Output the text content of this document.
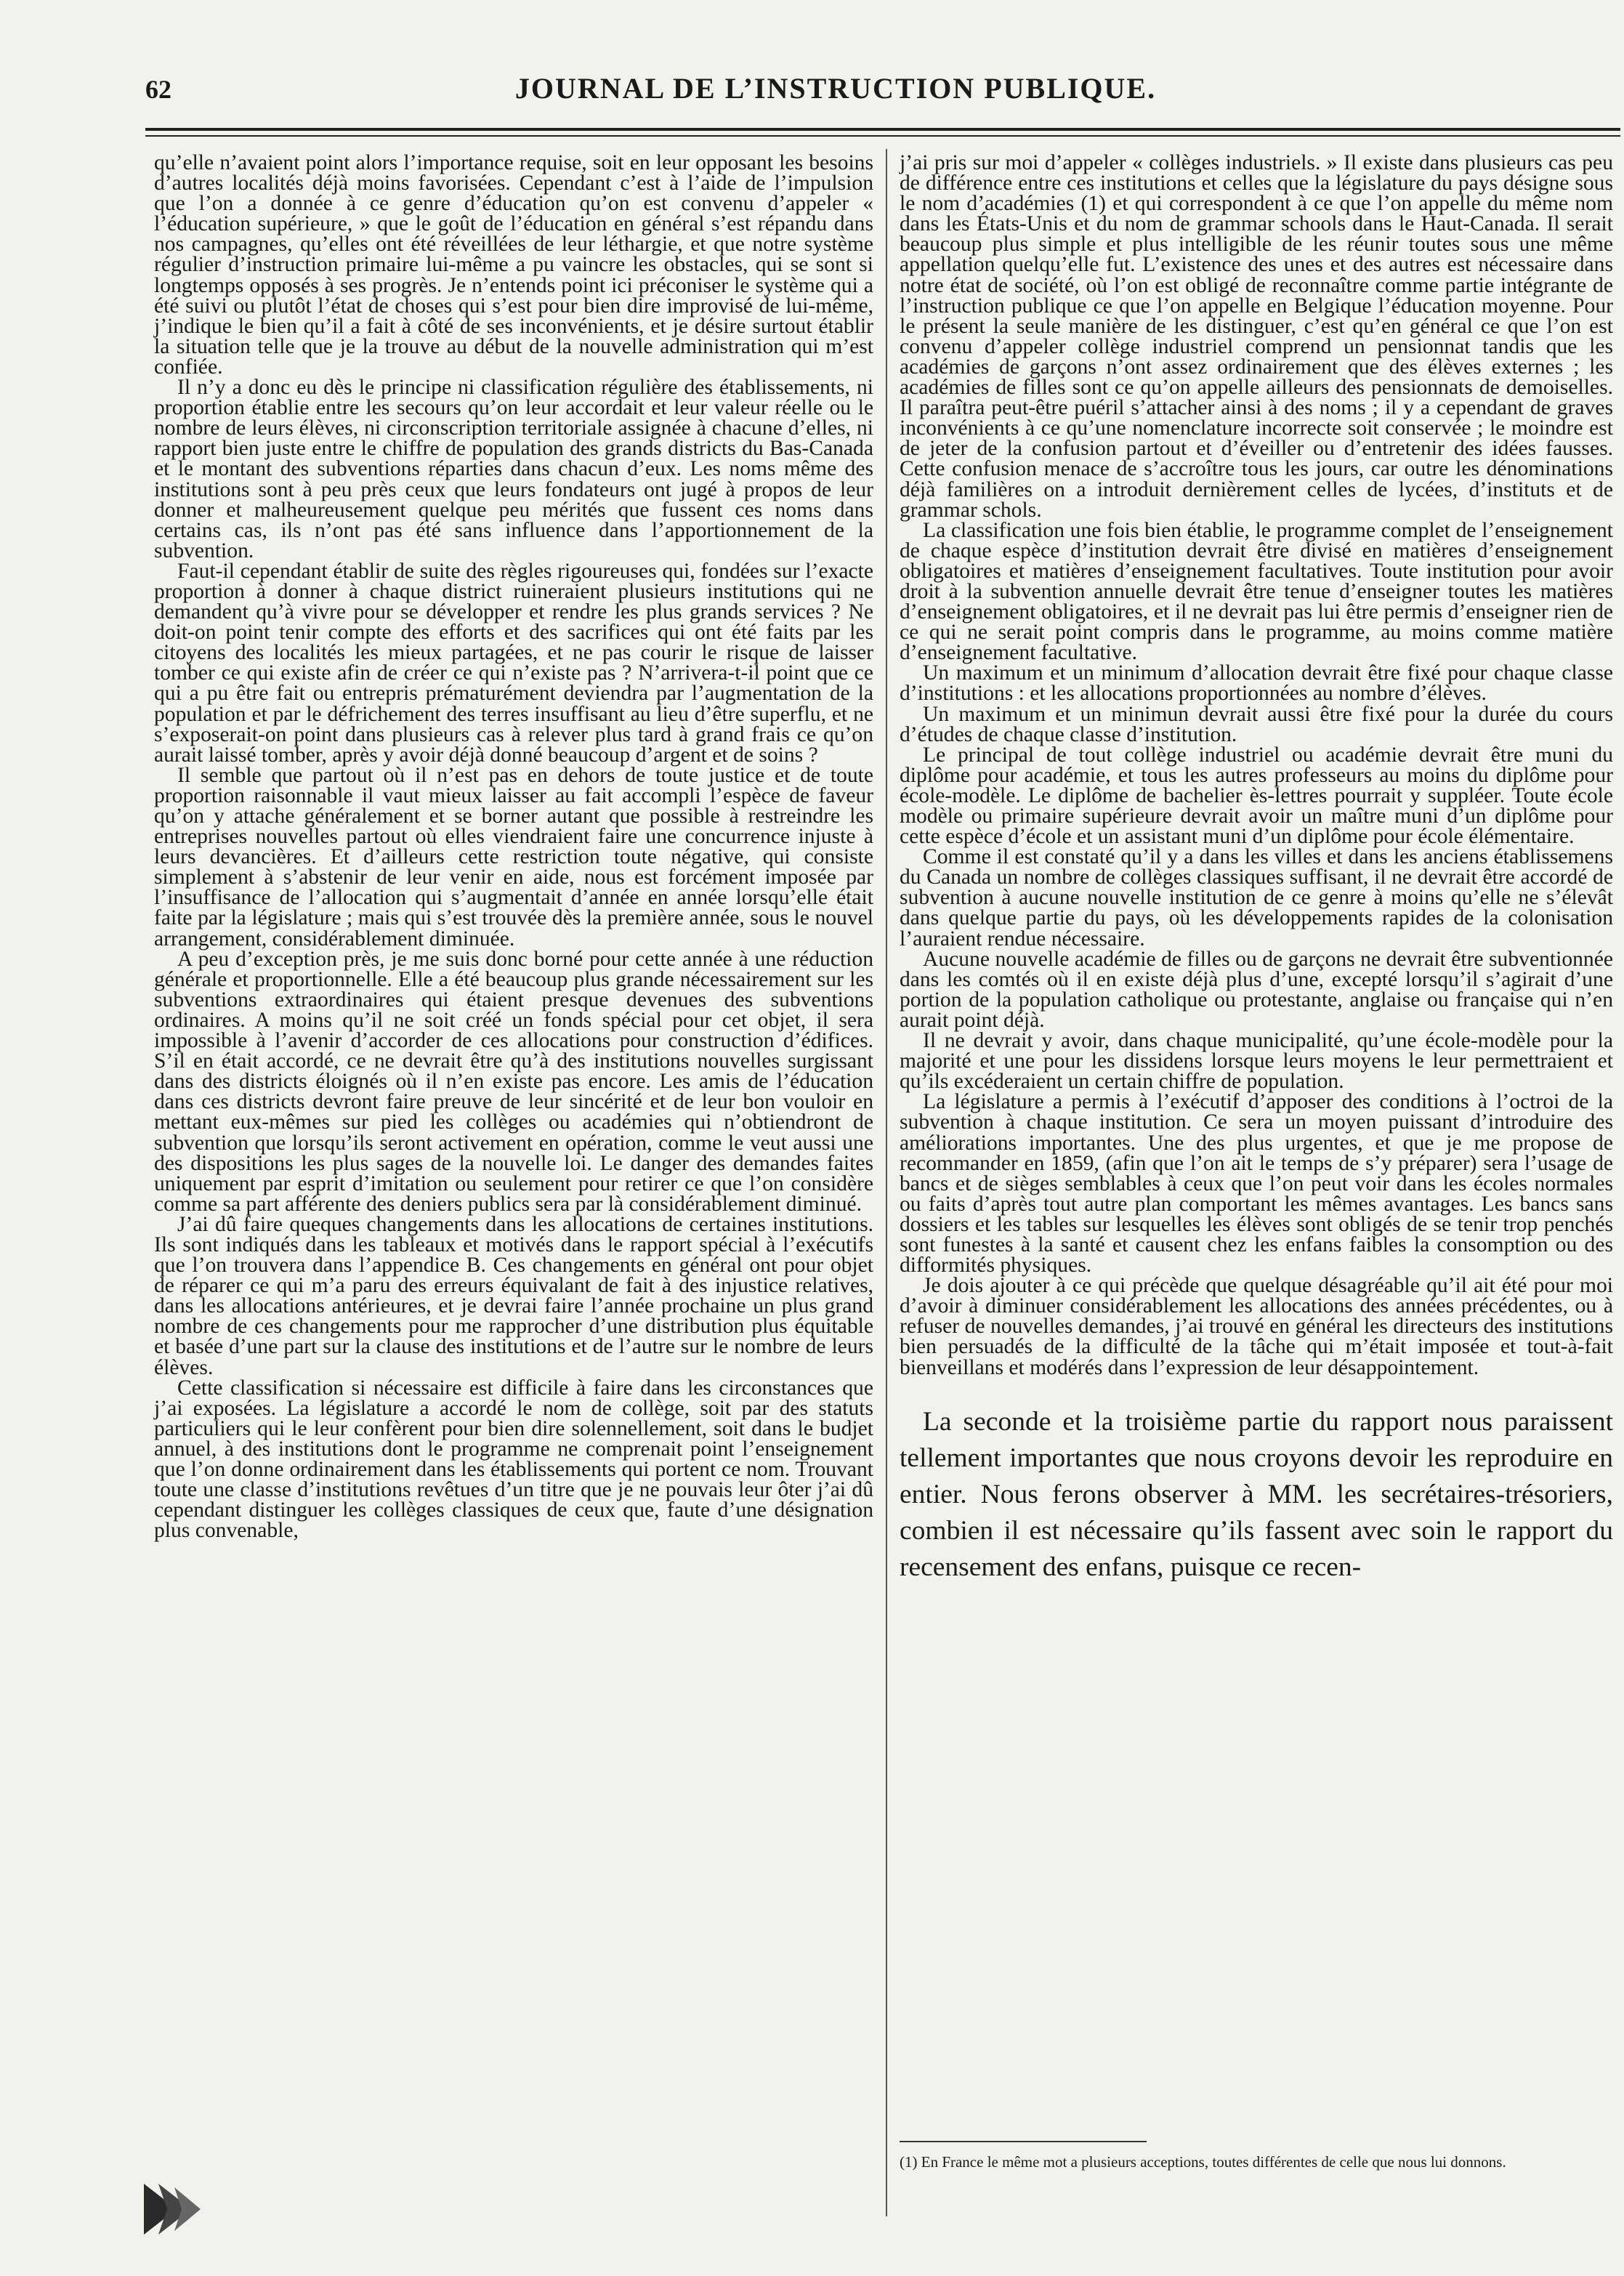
62	JOURNAL DE L’INSTRUCTION PUBLIQUE.

qu’elle n’avaient point alors l’importance requise, soit en leur opposant les besoins d’autres localités déjà moins favorisées. Cependant c’est à l’aide de l’impulsion que l’on a donnée à ce genre d’éducation qu’on est convenu d’appeler « l’éducation supérieure, » que le goût de l’éducation en général s’est répandu dans nos campagnes, qu’elles ont été réveillées de leur léthargie, et que notre système régulier d’instruction primaire lui-même a pu vaincre les obstacles, qui se sont si longtemps opposés à ses progrès. Je n’entends point ici préconiser le système qui a été suivi ou plutôt l’état de choses qui s’est pour bien dire improvisé de lui-même, j’indique le bien qu’il a fait à côté de ses inconvénients, et je désire surtout établir la situation telle que je la trouve au début de la nouvelle administration qui m’est confiée.

Il n’y a donc eu dès le principe ni classification régulière des établissements, ni proportion établie entre les secours qu’on leur accordait et leur valeur réelle ou le nombre de leurs élèves, ni circonscription territoriale assignée à chacune d’elles, ni rapport bien juste entre le chiffre de population des grands districts du Bas-Canada et le montant des subventions réparties dans chacun d’eux. Les noms même des institutions sont à peu près ceux que leurs fondateurs ont jugé à propos de leur donner et malheureusement quelque peu mérités que fussent ces noms dans certains cas, ils n’ont pas été sans influence dans l’apportionnement de la subvention.

Faut-il cependant établir de suite des règles rigoureuses qui, fondées sur l’exacte proportion à donner à chaque district ruineraient plusieurs institutions qui ne demandent qu’à vivre pour se développer et rendre les plus grands services ? Ne doit-on point tenir compte des efforts et des sacrifices qui ont été faits par les citoyens des localités les mieux partagées, et ne pas courir le risque de laisser tomber ce qui existe afin de créer ce qui n’existe pas ? N’arrivera-t-il point que ce qui a pu être fait ou entrepris prématurément deviendra par l’augmentation de la population et par le défrichement des terres insuffisant au lieu d’être superflu, et ne s’exposerait-on point dans plusieurs cas à relever plus tard à grand frais ce qu’on aurait laissé tomber, après y avoir déjà donné beaucoup d’argent et de soins ?

Il semble que partout où il n’est pas en dehors de toute justice et de toute proportion raisonnable il vaut mieux laisser au fait accompli l’espèce de faveur qu’on y attache généralement et se borner autant que possible à restreindre les entreprises nouvelles partout où elles viendraient faire une concurrence injuste à leurs devancières. Et d’ailleurs cette restriction toute négative, qui consiste simplement à s’abstenir de leur venir en aide, nous est forcément imposée par l’insuffisance de l’allocation qui s’augmentait d’année en année lorsqu’elle était faite par la législature ; mais qui s’est trouvée dès la première année, sous le nouvel arrangement, considérablement diminuée.

A peu d’exception près, je me suis donc borné pour cette année à une réduction générale et proportionnelle. Elle a été beaucoup plus grande nécessairement sur les subventions extraordinaires qui étaient presque devenues des subventions ordinaires. A moins qu’il ne soit créé un fonds spécial pour cet objet, il sera impossible à l’avenir d’accorder de ces allocations pour construction d’édifices. S’il en était accordé, ce ne devrait être qu’à des institutions nouvelles surgissant dans des districts éloignés où il n’en existe pas encore. Les amis de l’éducation dans ces districts devront faire preuve de leur sincérité et de leur bon vouloir en mettant eux-mêmes sur pied les collèges ou académies qui n’obtiendront de subvention que lorsqu’ils seront activement en opération, comme le veut aussi une des dispositions les plus sages de la nouvelle loi. Le danger des demandes faites uniquement par esprit d’imitation ou seulement pour retirer ce que l’on considère comme sa part afférente des deniers publics sera par là considérablement diminué.

J’ai dû faire queques changements dans les allocations de certaines institutions. Ils sont indiqués dans les tableaux et motivés dans le rapport spécial à l’exécutifs que l’on trouvera dans l’appendice B. Ces changements en général ont pour objet de réparer ce qui m’a paru des erreurs équivalant de fait à des injustice relatives, dans les allocations antérieures, et je devrai faire l’année prochaine un plus grand nombre de ces changements pour me rapprocher d’une distribution plus équitable et basée d’une part sur la clause des institutions et de l’autre sur le nombre de leurs élèves.

Cette classification si nécessaire est difficile à faire dans les circonstances que j’ai exposées. La législature a accordé le nom de collège, soit par des statuts particuliers qui le leur confèrent pour bien dire solennellement, soit dans le budjet annuel, à des institutions dont le programme ne comprenait point l’enseignement que l’on donne ordinairement dans les établissements qui portent ce nom. Trouvant toute une classe d’institutions revêtues d’un titre que je ne pouvais leur ôter j’ai dû cependant distinguer les collèges classiques de ceux que, faute d’une désignation plus convenable,

j’ai pris sur moi d’appeler « collèges industriels. » Il existe dans plusieurs cas peu de différence entre ces institutions et celles que la législature du pays désigne sous le nom d’académies (1) et qui correspondent à ce que l’on appelle du même nom dans les États-Unis et du nom de grammar schools dans le Haut-Canada. Il serait beaucoup plus simple et plus intelligible de les réunir toutes sous une même appellation quelqu’elle fut. L’existence des unes et des autres est nécessaire dans notre état de société, où l’on est obligé de reconnaître comme partie intégrante de l’instruction publique ce que l’on appelle en Belgique l’éducation moyenne. Pour le présent la seule manière de les distinguer, c’est qu’en général ce que l’on est convenu d’appeler collège industriel comprend un pensionnat tandis que les académies de garçons n’ont assez ordinairement que des élèves externes ; les académies de filles sont ce qu’on appelle ailleurs des pensionnats de demoiselles. Il paraîtra peut-être puéril s’attacher ainsi à des noms ; il y a cependant de graves inconvénients à ce qu’une nomenclature incorrecte soit conservée ; le moindre est de jeter de la confusion partout et d’éveiller ou d’entretenir des idées fausses. Cette confusion menace de s’accroître tous les jours, car outre les dénominations déjà familières on a introduit dernièrement celles de lycées, d’instituts et de grammar schols.

La classification une fois bien établie, le programme complet de l’enseignement de chaque espèce d’institution devrait être divisé en matières d’enseignement obligatoires et matières d’enseignement facultatives. Toute institution pour avoir droit à la subvention annuelle devrait être tenue d’enseigner toutes les matières d’enseignement obligatoires, et il ne devrait pas lui être permis d’enseigner rien de ce qui ne serait point compris dans le programme, au moins comme matière d’enseignement facultative.

Un maximum et un minimum d’allocation devrait être fixé pour chaque classe d’institutions : et les allocations proportionnées au nombre d’élèves.

Un maximum et un minimun devrait aussi être fixé pour la durée du cours d’études de chaque classe d’institution.

Le principal de tout collège industriel ou académie devrait être muni du diplôme pour académie, et tous les autres professeurs au moins du diplôme pour école-modèle. Le diplôme de bachelier ès-lettres pourrait y suppléer. Toute école modèle ou primaire supérieure devrait avoir un maître muni d’un diplôme pour cette espèce d’école et un assistant muni d’un diplôme pour école élémentaire.

Comme il est constaté qu’il y a dans les villes et dans les anciens établissemens du Canada un nombre de collèges classiques suffisant, il ne devrait être accordé de subvention à aucune nouvelle institution de ce genre à moins qu’elle ne s’élevât dans quelque partie du pays, où les développements rapides de la colonisation l’auraient rendue nécessaire.

Aucune nouvelle académie de filles ou de garçons ne devrait être subventionnée dans les comtés où il en existe déjà plus d’une, excepté lorsqu’il s’agirait d’une portion de la population catholique ou protestante, anglaise ou française qui n’en aurait point déjà.

Il ne devrait y avoir, dans chaque municipalité, qu’une école-modèle pour la majorité et une pour les dissidens lorsque leurs moyens le leur permettraient et qu’ils excéderaient un certain chiffre de population.

La législature a permis à l’exécutif d’apposer des conditions à l’octroi de la subvention à chaque institution. Ce sera un moyen puissant d’introduire des améliorations importantes. Une des plus urgentes, et que je me propose de recommander en 1859, (afin que l’on ait le temps de s’y préparer) sera l’usage de bancs et de sièges semblables à ceux que l’on peut voir dans les écoles normales ou faits d’après tout autre plan comportant les mêmes avantages. Les bancs sans dossiers et les tables sur lesquelles les élèves sont obligés de se tenir trop penchés sont funestes à la santé et causent chez les enfans faibles la consomption ou des difformités physiques.

Je dois ajouter à ce qui précède que quelque désagréable qu’il ait été pour moi d’avoir à diminuer considérablement les allocations des années précédentes, ou à refuser de nouvelles demandes, j’ai trouvé en général les directeurs des institutions bien persuadés de la difficulté de la tâche qui m’était imposée et tout-à-fait bienveillans et modérés dans l’expression de leur désappointement.

La seconde et la troisième partie du rapport nous paraissent tellement importantes que nous croyons devoir les reproduire en entier. Nous ferons observer à MM. les secrétaires-trésoriers, combien il est nécessaire qu’ils fassent avec soin le rapport du recensement des enfans, puisque ce recen-

(1) En France le même mot a plusieurs acceptions, toutes différentes de celle que nous lui donnons.
